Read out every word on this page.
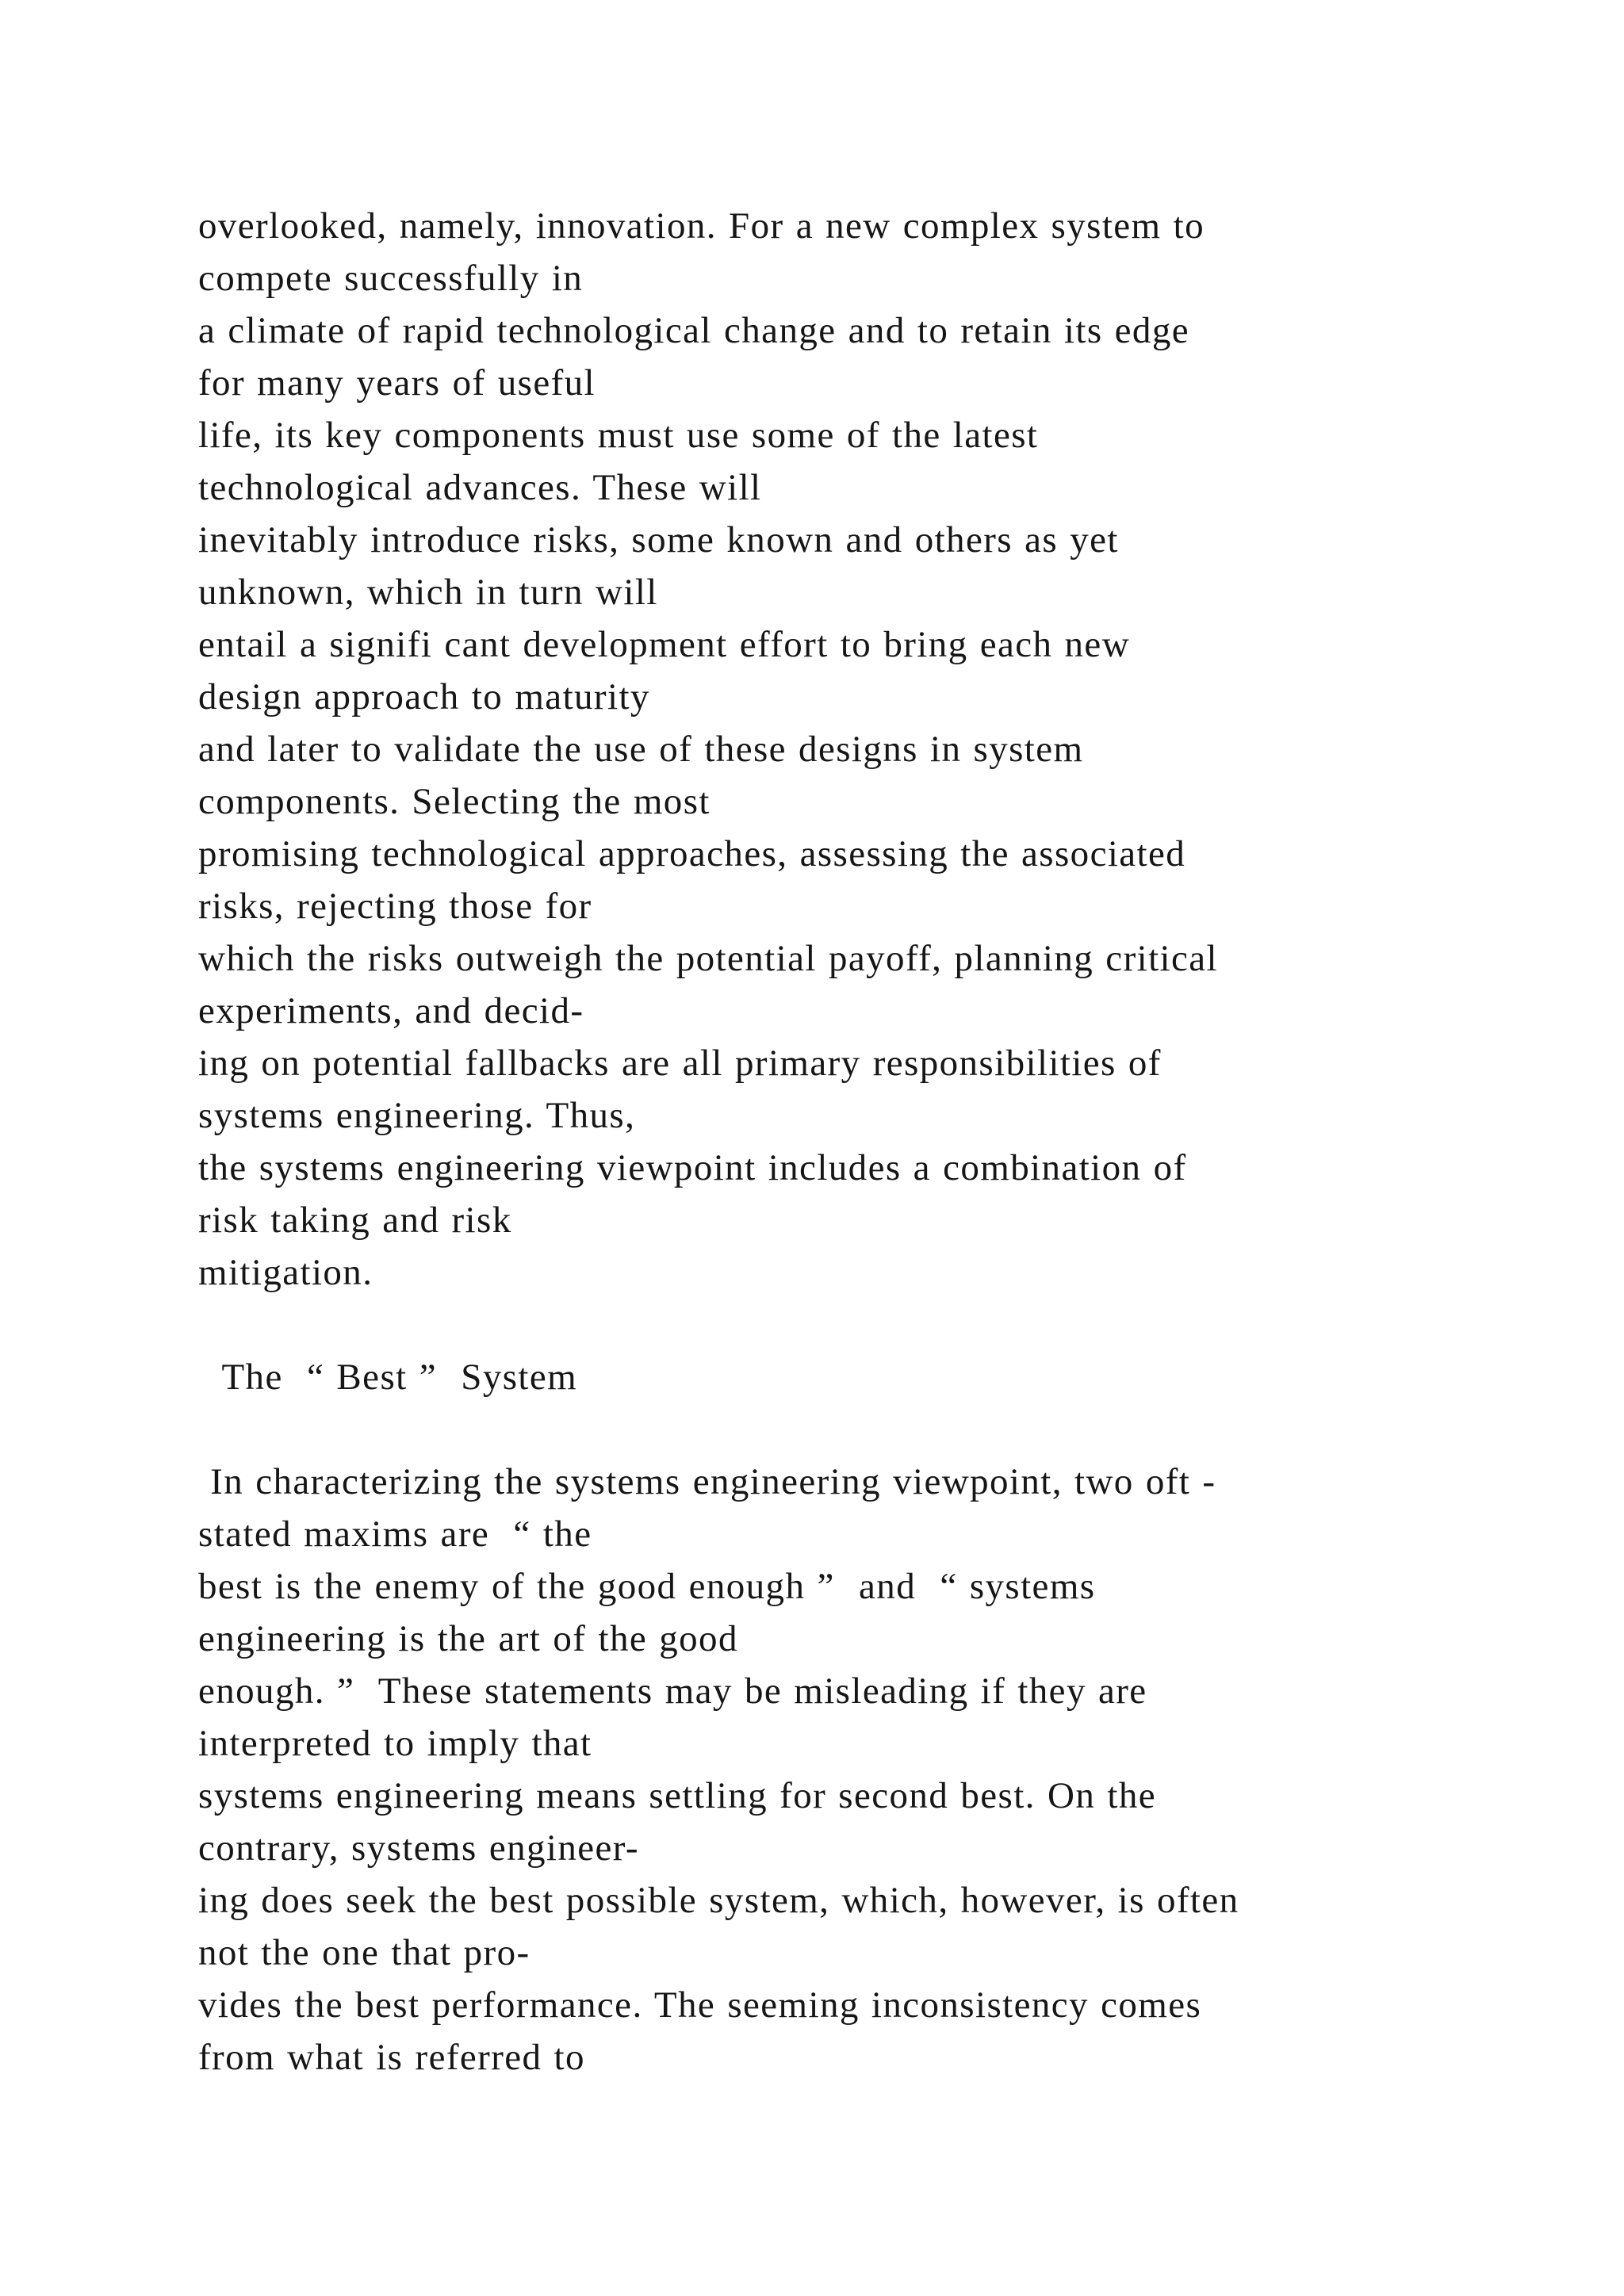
overlooked, namely, innovation. For a new complex system to
compete successfully in
a climate of rapid technological change and to retain its edge
for many years of useful
life, its key components must use some of the latest
technological advances. These will
inevitably introduce risks, some known and others as yet
unknown, which in turn will
entail a signifi cant development effort to bring each new
design approach to maturity
and later to validate the use of these designs in system
components. Selecting the most
promising technological approaches, assessing the associated
risks, rejecting those for
which the risks outweigh the potential payoff, planning critical
experiments, and decid-
ing on potential fallbacks are all primary responsibilities of
systems engineering. Thus,
the systems engineering viewpoint includes a combination of
risk taking and risk
mitigation.
The  “ Best ”  System
In characterizing the systems engineering viewpoint, two oft -
stated maxims are  “ the
best is the enemy of the good enough ”  and  “ systems
engineering is the art of the good
enough. ”  These statements may be misleading if they are
interpreted to imply that
systems engineering means settling for second best. On the
contrary, systems engineer-
ing does seek the best possible system, which, however, is often
not the one that pro-
vides the best performance. The seeming inconsistency comes
from what is referred to
